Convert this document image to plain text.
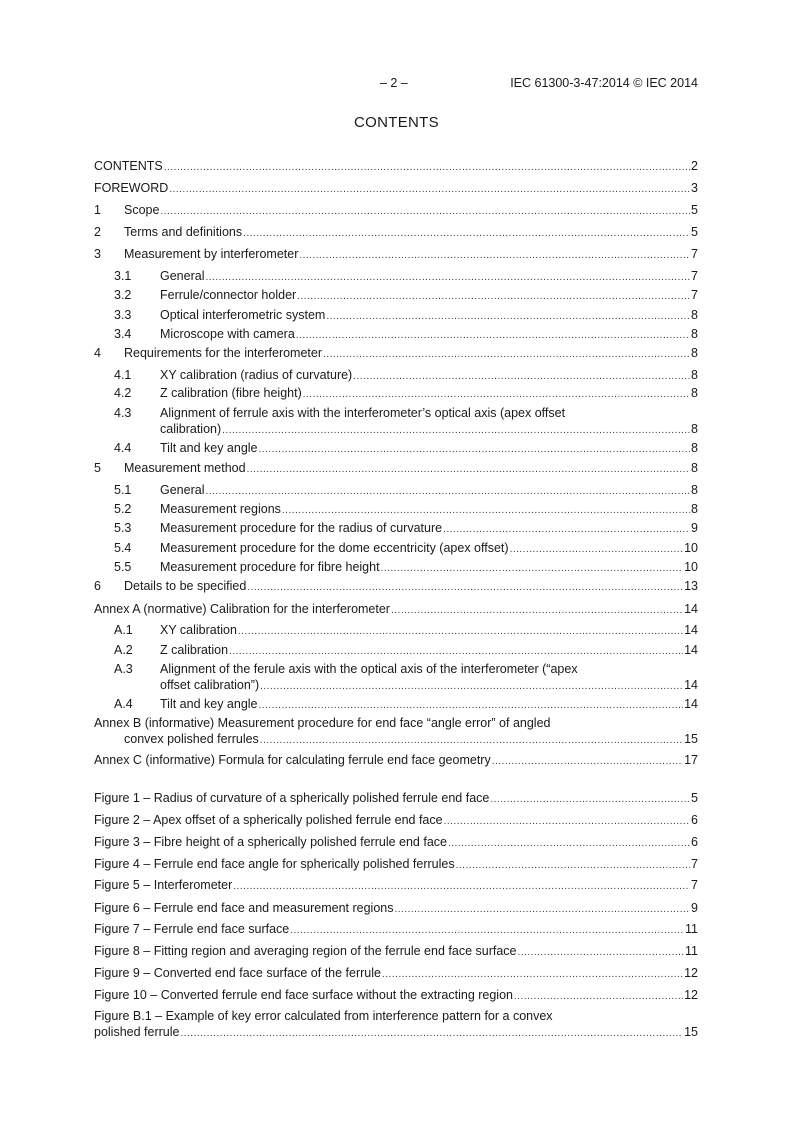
– 2 –	IEC 61300-3-47:2014 © IEC 2014
CONTENTS
CONTENTS .....	2
FOREWORD .....	3
1	Scope .....	5
2	Terms and definitions .....	5
3	Measurement by interferometer .....	7
3.1	General .....	7
3.2	Ferrule/connector holder .....	7
3.3	Optical interferometric system .....	8
3.4	Microscope with camera .....	8
4	Requirements for the interferometer .....	8
4.1	XY calibration (radius of curvature) .....	8
4.2	Z calibration (fibre height) .....	8
4.3	Alignment of ferrule axis with the interferometer’s optical axis (apex offset
calibration) .....	8
4.4	Tilt and key angle .....	8
5	Measurement method .....	8
5.1	General .....	8
5.2	Measurement regions .....	8
5.3	Measurement procedure for the radius of curvature .....	9
5.4	Measurement procedure for the dome eccentricity (apex offset) .....	10
5.5	Measurement procedure for fibre height .....	10
6	Details to be specified .....	13
Annex A (normative) Calibration for the interferometer .....	14
A.1	XY calibration .....	14
A.2	Z calibration .....	14
A.3	Alignment of the ferule axis with the optical axis of the interferometer (“apex
offset calibration”) .....	14
A.4	Tilt and key angle .....	14
Annex B (informative) Measurement procedure for end face “angle error” of angled
convex polished ferrules .....	15
Annex C (informative) Formula for calculating ferrule end face geometry .....	17
Figure 1 – Radius of curvature of a spherically polished ferrule end face .....	5
Figure 2 – Apex offset of a spherically polished ferrule end face .....	6
Figure 3 – Fibre height of a spherically polished ferrule end face .....	6
Figure 4 – Ferrule end face angle for spherically polished ferrules .....	7
Figure 5 – Interferometer .....	7
Figure 6 – Ferrule end face and measurement regions .....	9
Figure 7 – Ferrule end face surface .....	11
Figure 8 – Fitting region and averaging region of the ferrule end face surface .....	11
Figure 9 – Converted end face surface of the ferrule .....	12
Figure 10 – Converted ferrule end face surface without the extracting region .....	12
Figure B.1 – Example of key error calculated from interference pattern for a convex
polished ferrule .....	15
